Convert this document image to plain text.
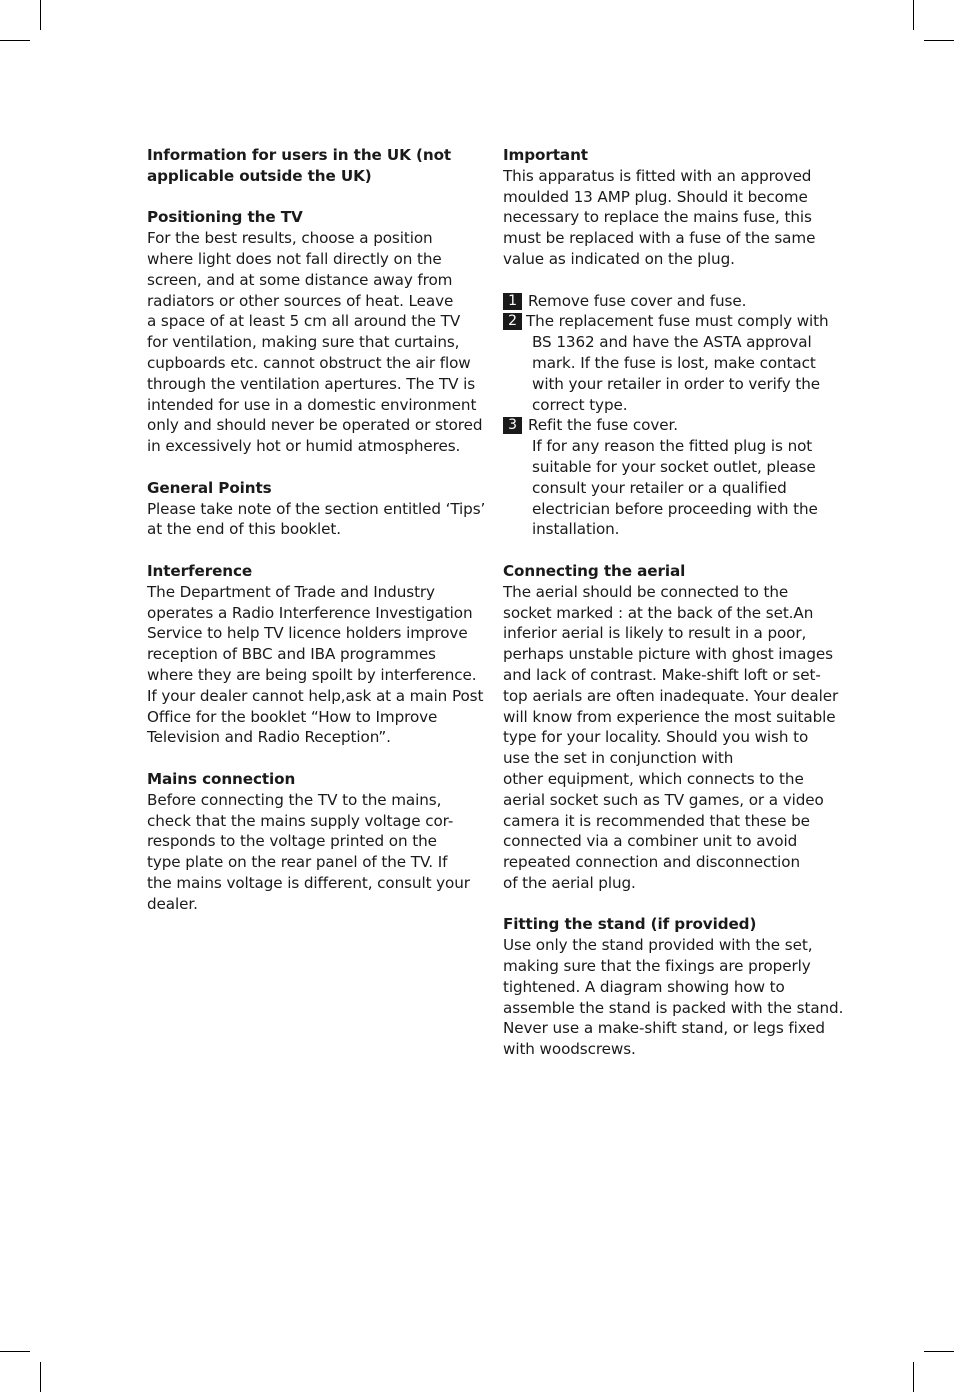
Information for users in the UK (not
applicable outside the UK)
Positioning the TV
For the best results, choose a position
where light does not fall directly on the
screen, and at some distance away from
radiators or other sources of heat. Leave
a space of at least 5 cm all around the TV
for ventilation, making sure that curtains,
cupboards etc. cannot obstruct the air flow
through the ventilation apertures. The TV is
intended for use in a domestic environment
only and should never be operated or stored
in excessively hot or humid atmospheres.
General Points
Please take note of the section entitled ‘Tips’
at the end of this booklet.
Interference
The Department of Trade and Industry
operates a Radio Interference Investigation
Service to help TV licence holders improve
reception of BBC and IBA programmes
where they are being spoilt by interference.
If your dealer cannot help,ask at a main Post
Office for the booklet “How to Improve
Television and Radio Reception”.
Mains connection
Before connecting the TV to the mains,
check that the mains supply voltage cor-
responds to the voltage printed on the
type plate on the rear panel of the TV. If
the mains voltage is different, consult your
dealer.
Important
This apparatus is fitted with an approved
moulded 13 AMP plug. Should it become
necessary to replace the mains fuse, this
must be replaced with a fuse of the same
value as indicated on the plug.
1 Remove fuse cover and fuse.
2 The replacement fuse must comply with
BS 1362 and have the ASTA approval
mark. If the fuse is lost, make contact
with your retailer in order to verify the
correct type.
3 Refit the fuse cover.
If for any reason the fitted plug is not
suitable for your socket outlet, please
consult your retailer or a qualified
electrician before proceeding with the
installation.
Connecting the aerial
The aerial should be connected to the
socket marked : at the back of the set.An
inferior aerial is likely to result in a poor,
perhaps unstable picture with ghost images
and lack of contrast. Make-shift loft or set-
top aerials are often inadequate. Your dealer
will know from experience the most suitable
type for your locality. Should you wish to
use the set in conjunction with
other equipment, which connects to the
aerial socket such as TV games, or a video
camera it is recommended that these be
connected via a combiner unit to avoid
repeated connection and disconnection
of the aerial plug.
Fitting the stand (if provided)
Use only the stand provided with the set,
making sure that the fixings are properly
tightened. A diagram showing how to
assemble the stand is packed with the stand.
Never use a make-shift stand, or legs fixed
with woodscrews.
